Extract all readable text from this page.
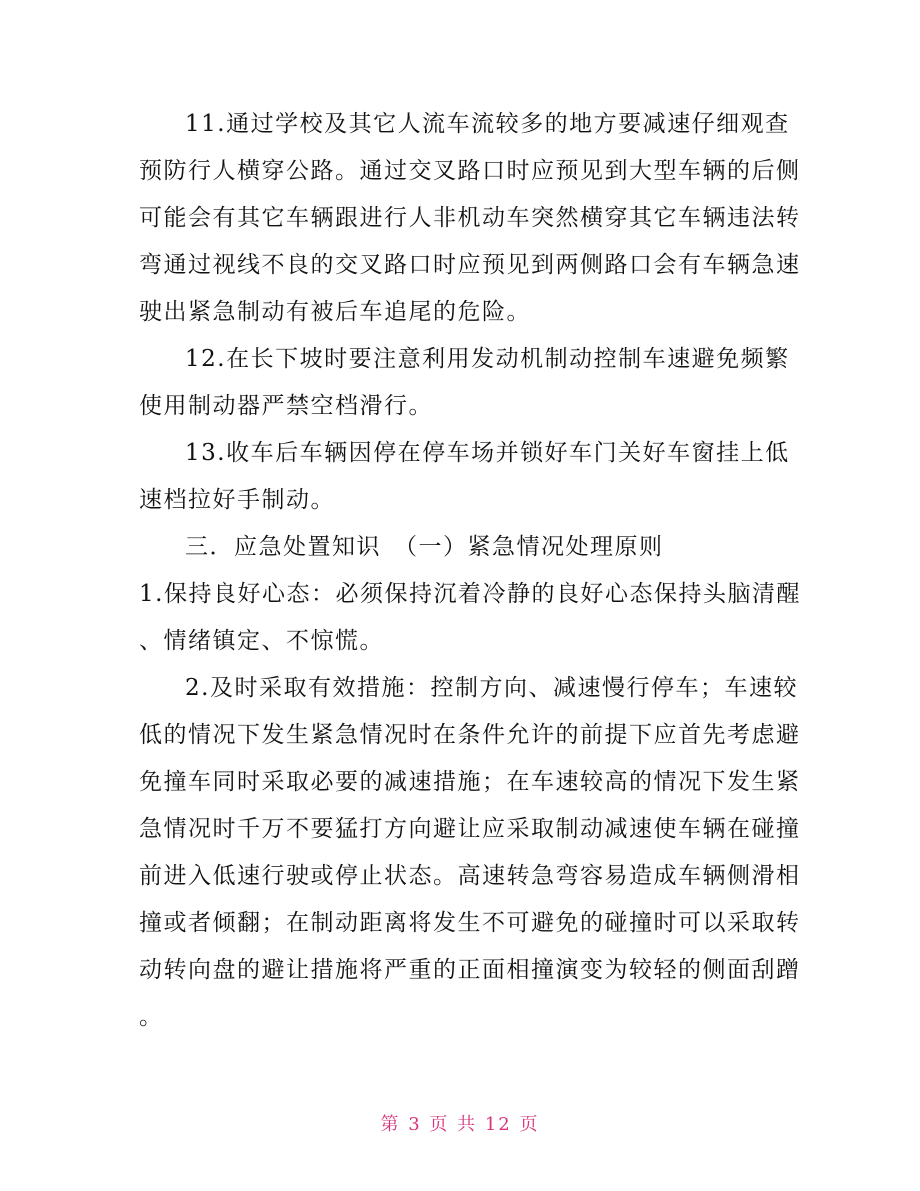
11.通过学校及其它人流车流较多的地方要减速仔细观查
预防行人横穿公路。通过交叉路口时应预见到大型车辆的后侧
可能会有其它车辆跟进行人非机动车突然横穿其它车辆违法转
弯通过视线不良的交叉路口时应预见到两侧路口会有车辆急速
驶出紧急制动有被后车追尾的危险。
12.在长下坡时要注意利用发动机制动控制车速避免频繁
使用制动器严禁空档滑行。
13.收车后车辆因停在停车场并锁好车门关好车窗挂上低
速档拉好手制动。
三．应急处置知识　（一）紧急情况处理原则
1.保持良好心态：必须保持沉着冷静的良好心态保持头脑清醒
、情绪镇定、不惊慌。
2.及时采取有效措施：控制方向、减速慢行停车；车速较
低的情况下发生紧急情况时在条件允许的前提下应首先考虑避
免撞车同时采取必要的减速措施；在车速较高的情况下发生紧
急情况时千万不要猛打方向避让应采取制动减速使车辆在碰撞
前进入低速行驶或停止状态。高速转急弯容易造成车辆侧滑相
撞或者倾翻；在制动距离将发生不可避免的碰撞时可以采取转
动转向盘的避让措施将严重的正面相撞演变为较轻的侧面刮蹭
。
第 3 页 共 12 页
